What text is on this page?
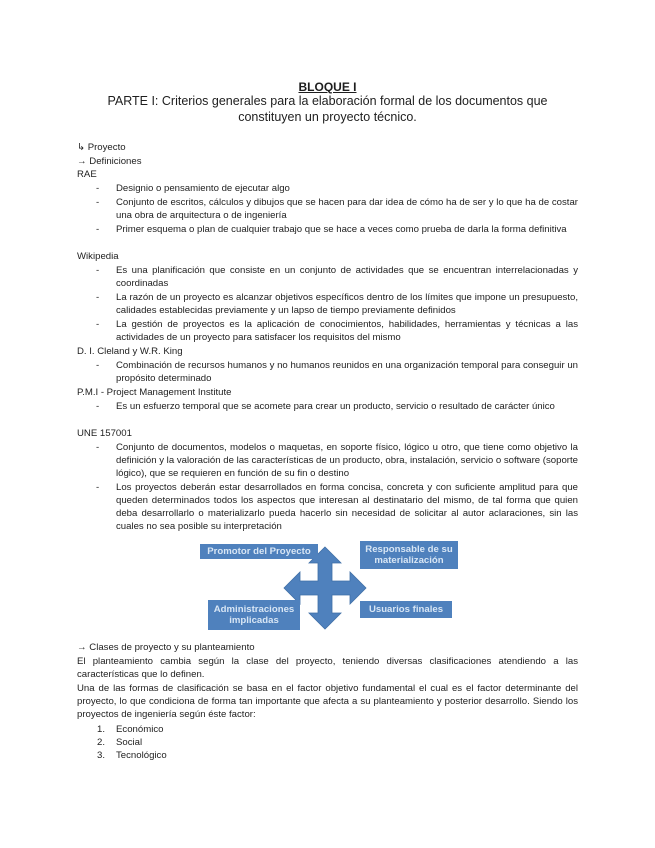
BLOQUE I
PARTE I: Criterios generales para la elaboración formal de los documentos que constituyen un proyecto técnico.
↳ Proyecto
→ Definiciones
RAE
- Designio o pensamiento de ejecutar algo
- Conjunto de escritos, cálculos y dibujos que se hacen para dar idea de cómo ha de ser y lo que ha de costar una obra de arquitectura o de ingeniería
- Primer esquema o plan de cualquier trabajo que se hace a veces como prueba de darla la forma definitiva
Wikipedia
- Es una planificación que consiste en un conjunto de actividades que se encuentran interrelacionadas y coordinadas
- La razón de un proyecto es alcanzar objetivos específicos dentro de los límites que impone un presupuesto, calidades establecidas previamente y un lapso de tiempo previamente definidos
- La gestión de proyectos es la aplicación de conocimientos, habilidades, herramientas y técnicas a las actividades de un proyecto para satisfacer los requisitos del mismo
D. I. Cleland y W.R. King
- Combinación de recursos humanos y no humanos reunidos en una organización temporal para conseguir un propósito determinado
P.M.I - Project Management Institute
- Es un esfuerzo temporal que se acomete para crear un producto, servicio o resultado de carácter único
UNE 157001
- Conjunto de documentos, modelos o maquetas, en soporte físico, lógico u otro, que tiene como objetivo la definición y la valoración de las características de un producto, obra, instalación, servicio o software (soporte lógico), que se requieren en función de su fin o destino
- Los proyectos deberán estar desarrollados en forma concisa, concreta y con suficiente amplitud para que queden determinados todos los aspectos que interesan al destinatario del mismo, de tal forma que quien deba desarrollarlo o materializarlo pueda hacerlo sin necesidad de solicitar al autor aclaraciones, sin las cuales no sea posible su interpretación
Promotor del Proyecto	Responsable de su materialización
Administraciones implicadas
Usuarios finales
→ Clases de proyecto y su planteamiento
El planteamiento cambia según la clase del proyecto, teniendo diversas clasificaciones atendiendo a las características que lo definen.
Una de las formas de clasificación se basa en el factor objetivo fundamental el cual es el factor determinante del proyecto, lo que condiciona de forma tan importante que afecta a su planteamiento y posterior desarrollo. Siendo los proyectos de ingeniería según éste factor:
1. Económico
2. Social
3. Tecnológico
